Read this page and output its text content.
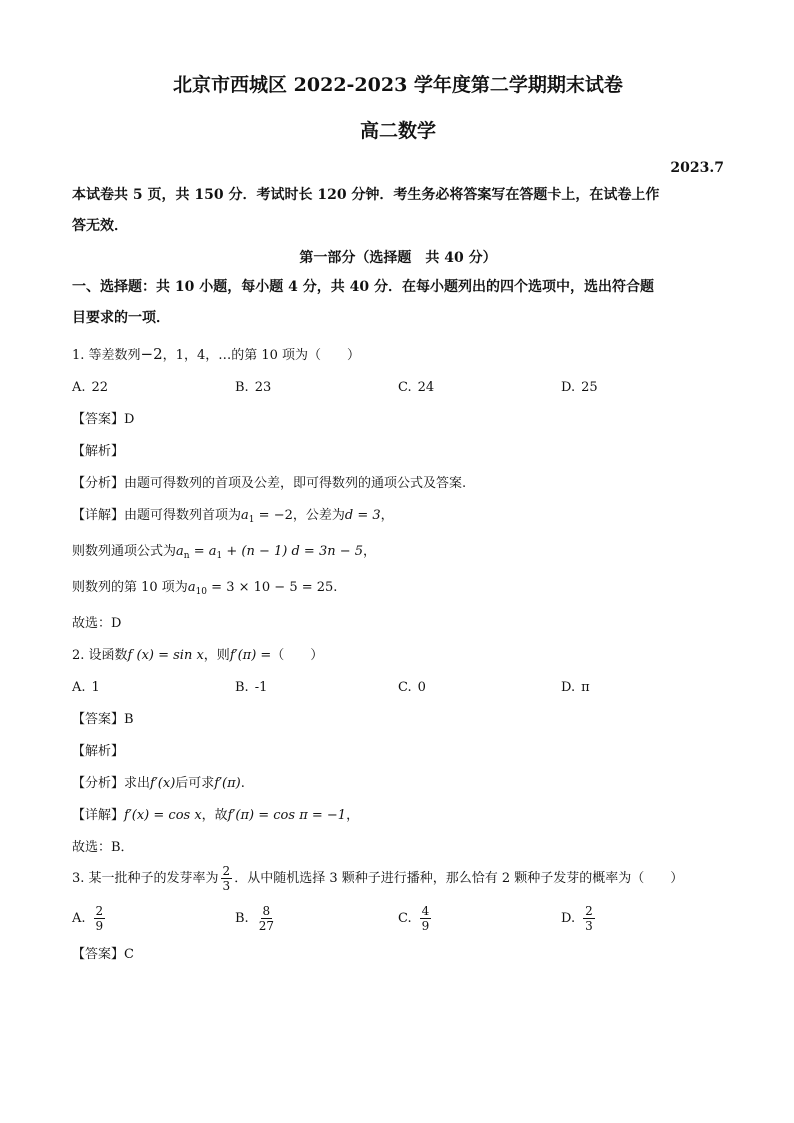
北京市西城区 2022-2023 学年度第二学期期末试卷
高二数学
2023.7
本试卷共 5 页，共 150 分．考试时长 120 分钟．考生务必将答案写在答题卡上，在试卷上作
答无效．
第一部分（选择题 共 40 分）
一、选择题：共 10 小题，每小题 4 分，共 40 分．在每小题列出的四个选项中，选出符合题
目要求的一项．
1. 等差数列−2，1，4，…的第 10 项为（　　）
A. 22	B. 23	C. 24	D. 25
【答案】D
【解析】
【分析】由题可得数列的首项及公差，即可得数列的通项公式及答案.
【详解】由题可得数列首项为$a_1 = -2$，公差为d = 3，
则数列通项公式为$a_n = a_1 + (n - 1) d = 3n - 5$，
则数列的第 10 项为$a_{10} = 3 \times 10 - 5 = 25$.
故选：D
2. 设函数f (x) = sin x，则f′(π) =（　　）
A. 1	B. -1	C. 0	D. π
【答案】B
【解析】
【分析】求出f′(x)后可求f′(π).
【详解】f′(x) = cos x，故f′(π) = cos π = −1，
故选：B．
3. 某一批种子的发芽率为 $\frac{2}{3}$ ．从中随机选择 3 颗种子进行播种，那么恰有 2 颗种子发芽的概率为（　　）
A. $\frac{2}{9}$	B. $\frac{8}{27}$	C. $\frac{4}{9}$	D. $\frac{2}{3}$
【答案】C
